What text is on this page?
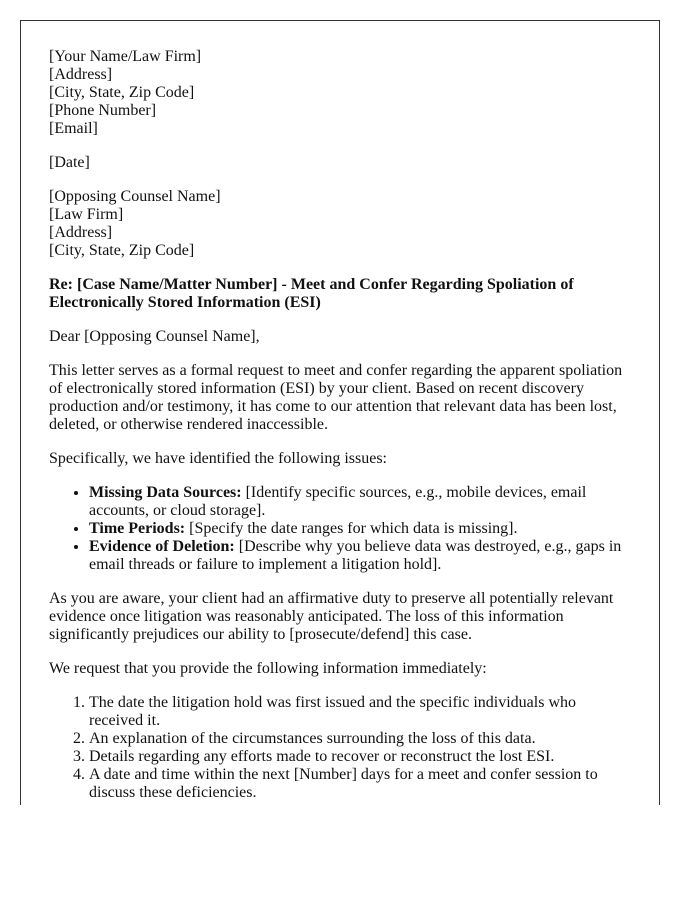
[Your Name/Law Firm]
[Address]
[City, State, Zip Code]
[Phone Number]
[Email]

[Date]

[Opposing Counsel Name]
[Law Firm]
[Address]
[City, State, Zip Code]

Re: [Case Name/Matter Number] - Meet and Confer Regarding Spoliation of Electronically Stored Information (ESI)

Dear [Opposing Counsel Name],

This letter serves as a formal request to meet and confer regarding the apparent spoliation of electronically stored information (ESI) by your client. Based on recent discovery production and/or testimony, it has come to our attention that relevant data has been lost, deleted, or otherwise rendered inaccessible.

Specifically, we have identified the following issues:

• Missing Data Sources: [Identify specific sources, e.g., mobile devices, email accounts, or cloud storage].
• Time Periods: [Specify the date ranges for which data is missing].
• Evidence of Deletion: [Describe why you believe data was destroyed, e.g., gaps in email threads or failure to implement a litigation hold].

As you are aware, your client had an affirmative duty to preserve all potentially relevant evidence once litigation was reasonably anticipated. The loss of this information significantly prejudices our ability to [prosecute/defend] this case.

We request that you provide the following information immediately:

1. The date the litigation hold was first issued and the specific individuals who received it.
2. An explanation of the circumstances surrounding the loss of this data.
3. Details regarding any efforts made to recover or reconstruct the lost ESI.
4. A date and time within the next [Number] days for a meet and confer session to discuss these deficiencies.
